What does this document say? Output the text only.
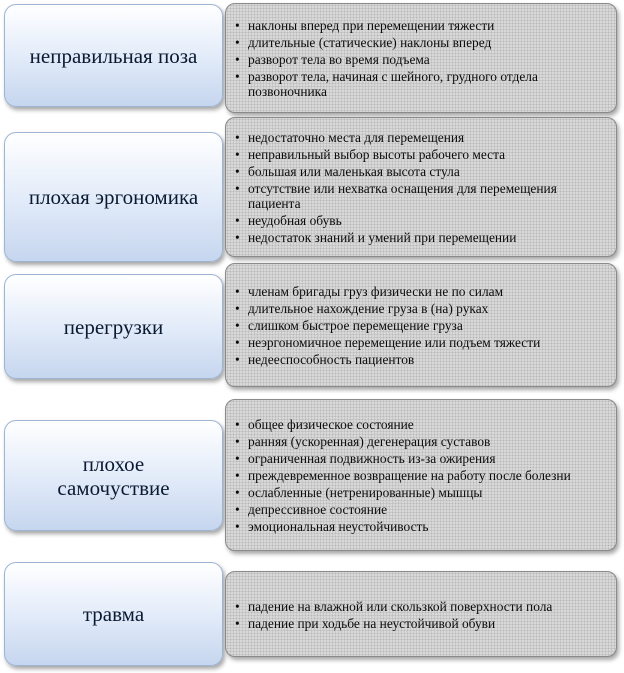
неправильная поза
• наклоны вперед при перемещении тяжести
• длительные (статические) наклоны вперед
• разворот тела во время подъема
• разворот тела, начиная с шейного, грудного отдела позвоночника
плохая эргономика
• недостаточно места для перемещения
• неправильный выбор высоты рабочего места
• большая или маленькая высота стула
• отсутствие или нехватка оснащения для перемещения пациента
• неудобная обувь
• недостаток знаний и умений при перемещении
перегрузки
• членам бригады груз физически не по силам
• длительное нахождение груза в (на) руках
• слишком быстрое перемещение груза
• неэргономичное перемещение или подъем тяжести
• недееспособность пациентов
плохое самочуствие
• общее физическое состояние
• ранняя (ускоренная) дегенерация суставов
• ограниченная подвижность из-за ожирения
• преждевременное возвращение на работу после болезни
• ослабленные (нетренированные) мышцы
• депрессивное состояние
• эмоциональная неустойчивость
травма
•	падение на влажной или скользкой поверхности пола
• падение при ходьбе на неустойчивой обуви
